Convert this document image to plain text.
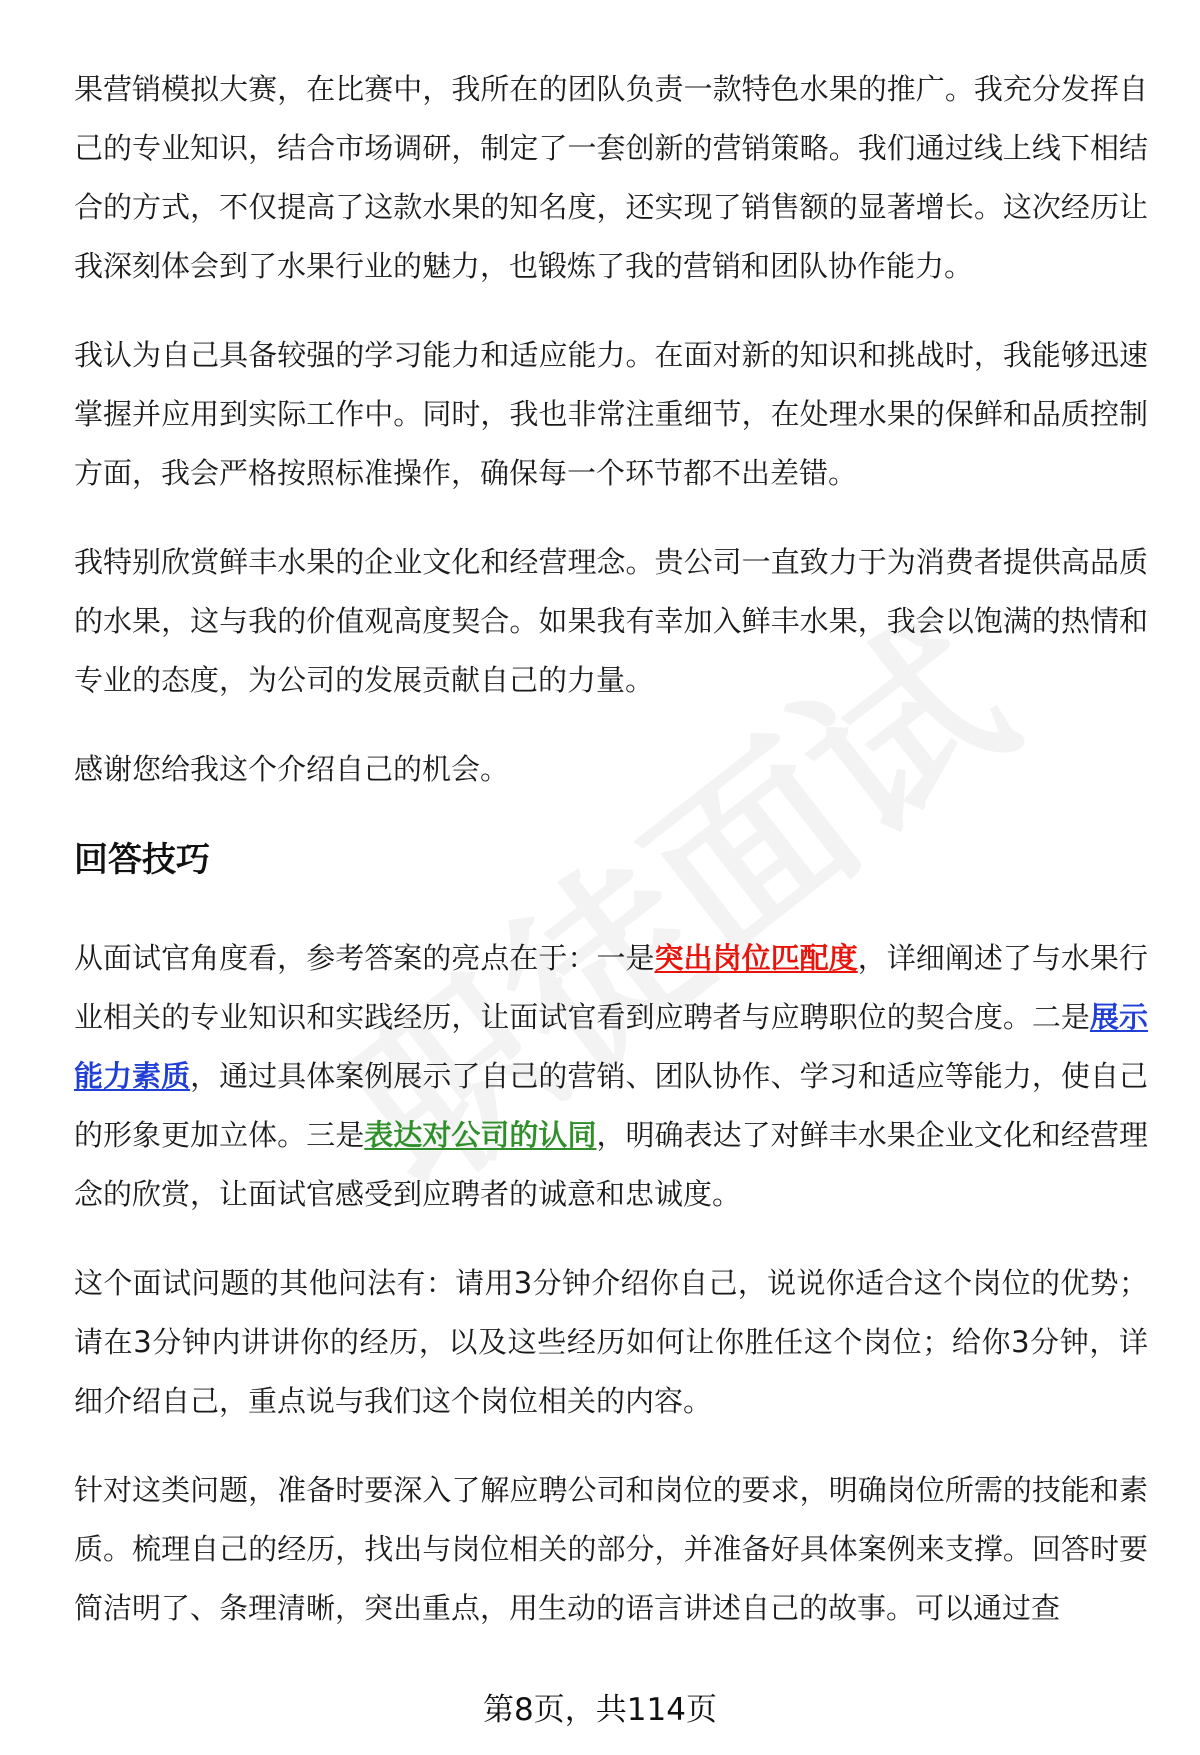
果营销模拟大赛，在比赛中，我所在的团队负责一款特色水果的推广。我充分发挥自己的专业知识，结合市场调研，制定了一套创新的营销策略。我们通过线上线下相结合的方式，不仅提高了这款水果的知名度，还实现了销售额的显著增长。这次经历让我深刻体会到了水果行业的魅力，也锻炼了我的营销和团队协作能力。

我认为自己具备较强的学习能力和适应能力。在面对新的知识和挑战时，我能够迅速掌握并应用到实际工作中。同时，我也非常注重细节，在处理水果的保鲜和品质控制方面，我会严格按照标准操作，确保每一个环节都不出差错。

我特别欣赏鲜丰水果的企业文化和经营理念。贵公司一直致力于为消费者提供高品质的水果，这与我的价值观高度契合。如果我有幸加入鲜丰水果，我会以饱满的热情和专业的态度，为公司的发展贡献自己的力量。

感谢您给我这个介绍自己的机会。

回答技巧

从面试官角度看，参考答案的亮点在于：一是突出岗位匹配度，详细阐述了与水果行业相关的专业知识和实践经历，让面试官看到应聘者与应聘职位的契合度。二是展示能力素质，通过具体案例展示了自己的营销、团队协作、学习和适应等能力，使自己的形象更加立体。三是表达对公司的认同，明确表达了对鲜丰水果企业文化和经营理念的欣赏，让面试官感受到应聘者的诚意和忠诚度。

这个面试问题的其他问法有：请用3分钟介绍你自己，说说你适合这个岗位的优势；请在3分钟内讲讲你的经历，以及这些经历如何让你胜任这个岗位；给你3分钟，详细介绍自己，重点说与我们这个岗位相关的内容。

针对这类问题，准备时要深入了解应聘公司和岗位的要求，明确岗位所需的技能和素质。梳理自己的经历，找出与岗位相关的部分，并准备好具体案例来支撑。回答时要简洁明了、条理清晰，突出重点，用生动的语言讲述自己的故事。可以通过查

第8页，共114页
